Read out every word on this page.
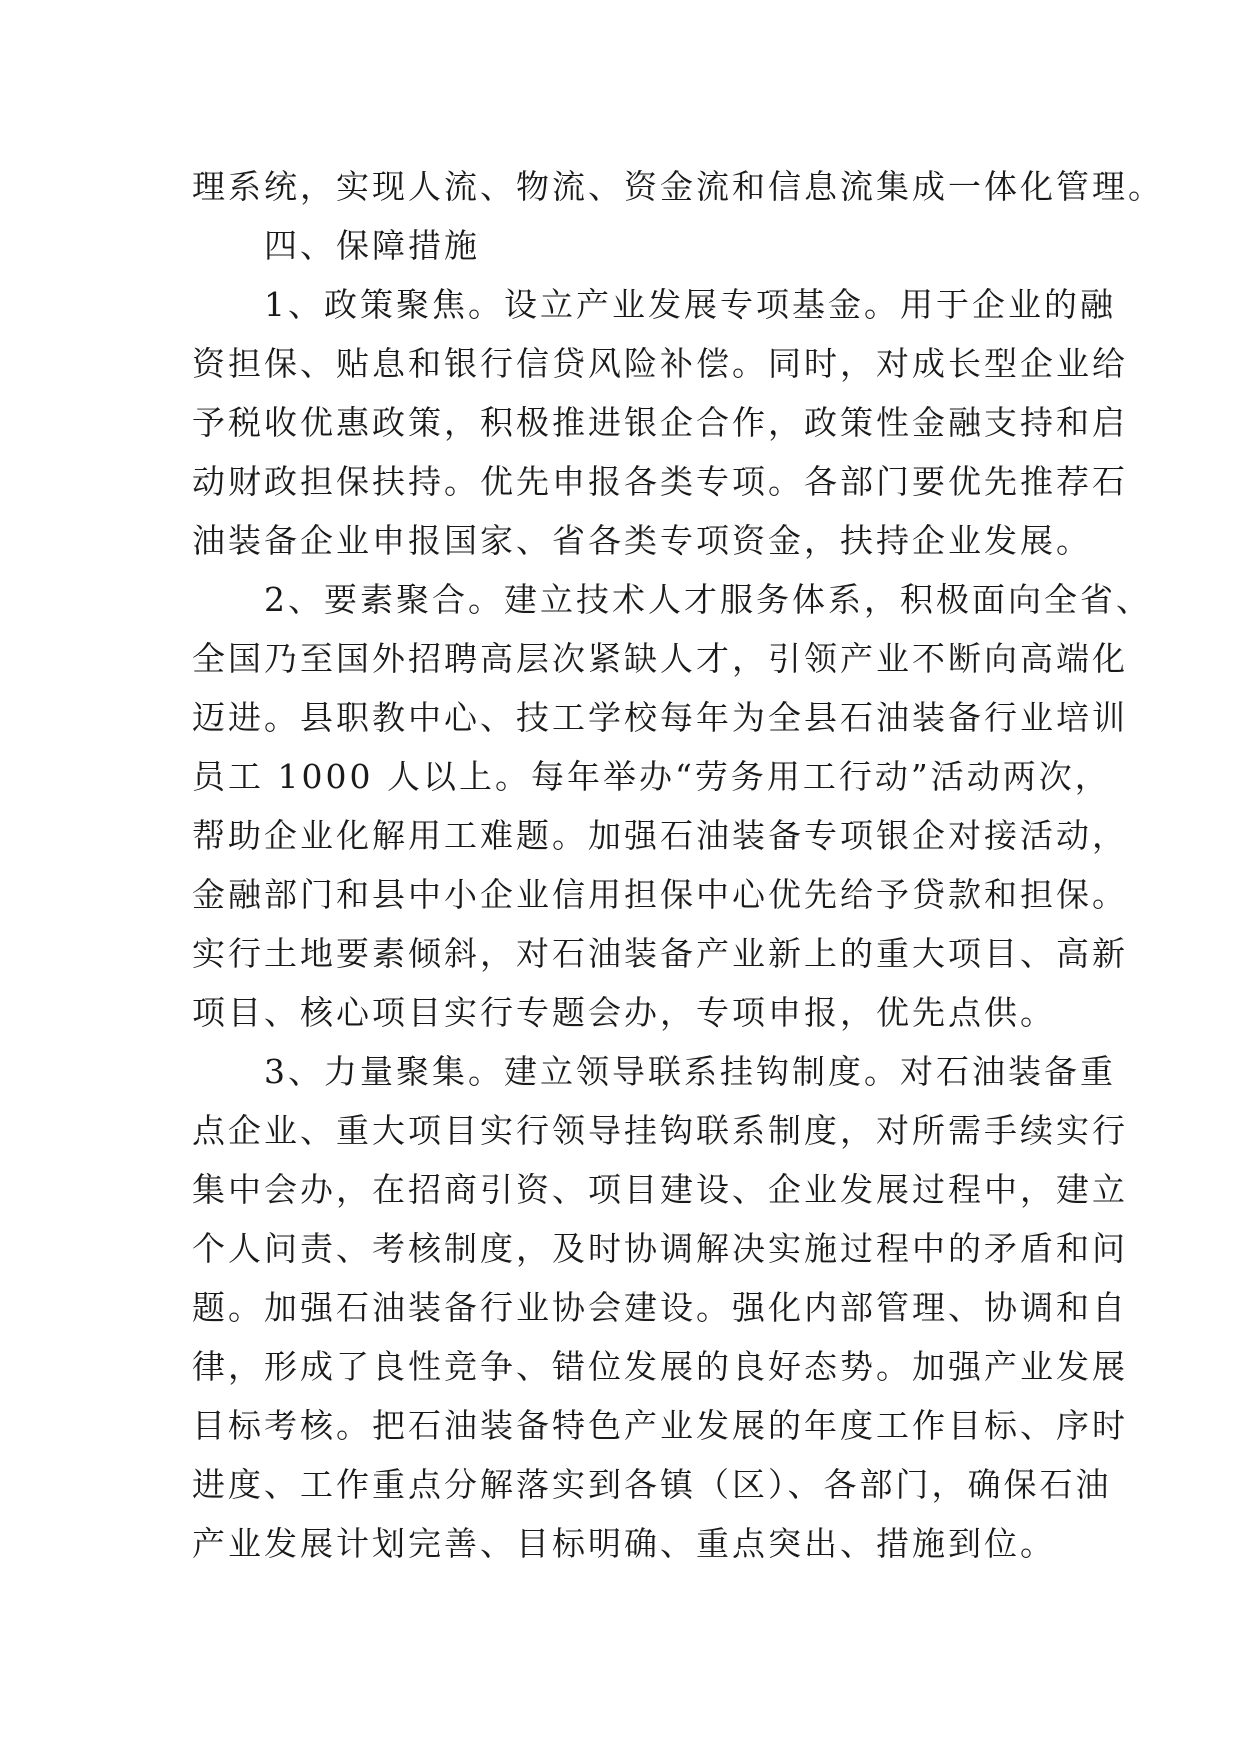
理系统，实现人流、物流、资金流和信息流集成一体化管理。
　　四、保障措施
　　1、政策聚焦。设立产业发展专项基金。用于企业的融
资担保、贴息和银行信贷风险补偿。同时，对成长型企业给
予税收优惠政策，积极推进银企合作，政策性金融支持和启
动财政担保扶持。优先申报各类专项。各部门要优先推荐石
油装备企业申报国家、省各类专项资金，扶持企业发展。
　　2、要素聚合。建立技术人才服务体系，积极面向全省、
全国乃至国外招聘高层次紧缺人才，引领产业不断向高端化
迈进。县职教中心、技工学校每年为全县石油装备行业培训
员工 1000 人以上。每年举办“劳务用工行动”活动两次，
帮助企业化解用工难题。加强石油装备专项银企对接活动，
金融部门和县中小企业信用担保中心优先给予贷款和担保。
实行土地要素倾斜，对石油装备产业新上的重大项目、高新
项目、核心项目实行专题会办，专项申报，优先点供。
　　3、力量聚集。建立领导联系挂钩制度。对石油装备重
点企业、重大项目实行领导挂钩联系制度，对所需手续实行
集中会办，在招商引资、项目建设、企业发展过程中，建立
个人问责、考核制度，及时协调解决实施过程中的矛盾和问
题。加强石油装备行业协会建设。强化内部管理、协调和自
律，形成了良性竞争、错位发展的良好态势。加强产业发展
目标考核。把石油装备特色产业发展的年度工作目标、序时
进度、工作重点分解落实到各镇（区）、各部门，确保石油
产业发展计划完善、目标明确、重点突出、措施到位。
